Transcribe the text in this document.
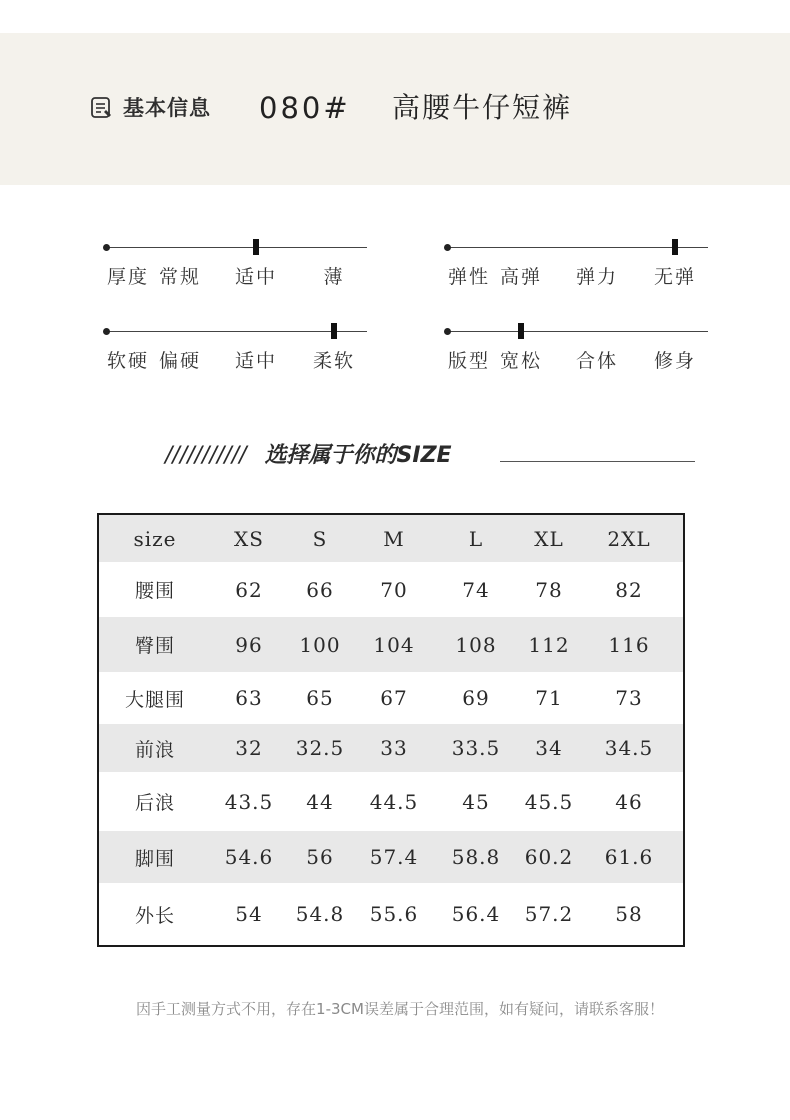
基本信息 080# 高腰牛仔短裤
厚度 常规 适中 薄	弹性 高弹 弹力 无弹
软硬 偏硬 适中 柔软	版型 宽松 合体 修身
/////////// 选择属于你的SIZE
size	XS S	M	L	XL 2XL
腰围	62 66 70	74 78	82
臀围	96 100 104 108 112 116
大腿围	63 65 67	69 71	73
前浪	32 32.5 33 33.5 34 34.5
后浪 43.5 44 44.5 45 45.5 46
脚围 54.6 56 57.4 58.8 60.2 61.6
外长	54 54.8 55.6 56.4 57.2 58
因手工测量方式不用，存在1-3CM误差属于合理范围，如有疑问，请联系客服！
